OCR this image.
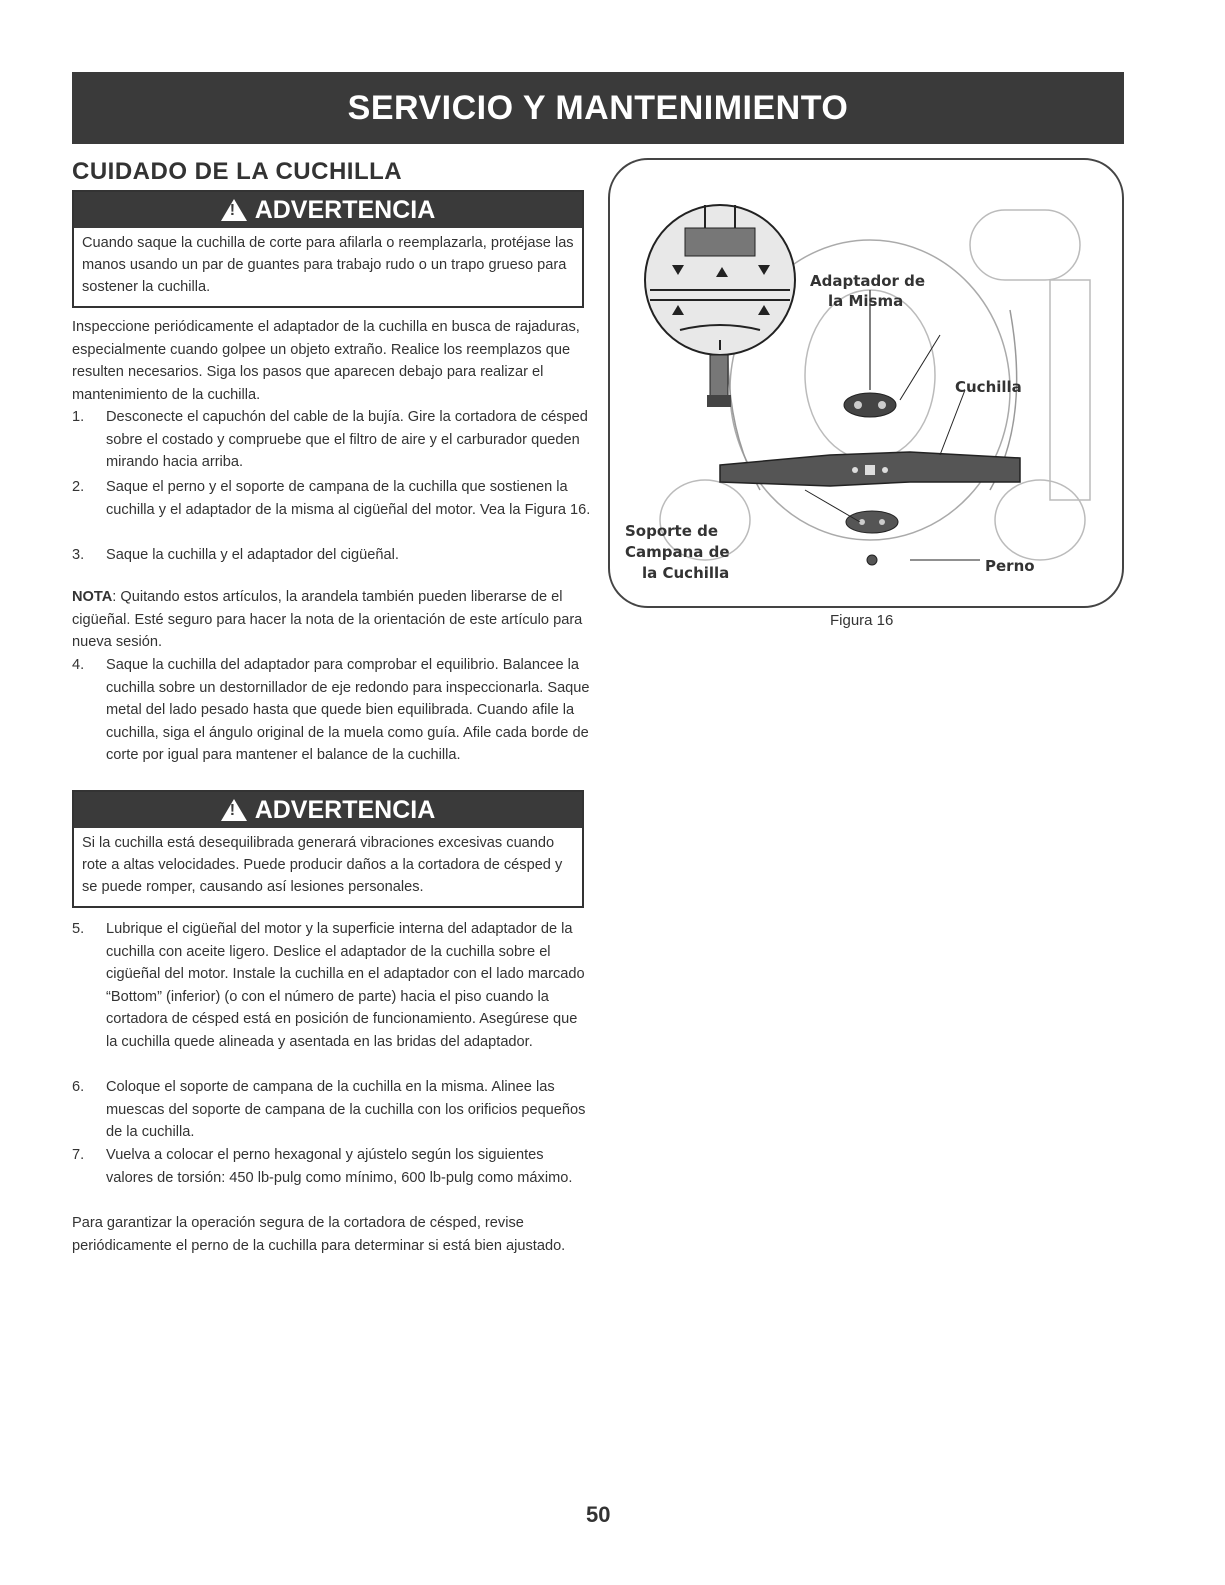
SERVICIO Y MANTENIMIENTO
CUIDADO DE LA CUCHILLA
! ADVERTENCIA
Cuando saque la cuchilla de corte para afilarla o reemplazarla, protéjase las manos usando un par de guantes para trabajo rudo o un trapo grueso para sostener la cuchilla.

Inspeccione periódicamente el adaptador de la cuchilla en busca de rajaduras, especialmente cuando golpee un objeto extraño. Realice los reemplazos que resulten necesarios. Siga los pasos que aparecen debajo para realizar el mantenimiento de la cuchilla.

1.	Desconecte el capuchón del cable de la bujía. Gire la cortadora de césped sobre el costado y compruebe que el filtro de aire y el carburador queden mirando hacia arriba.
2.	Saque el perno y el soporte de campana de la cuchilla que sostienen la cuchilla y el adaptador de la misma al cigüeñal del motor. Vea la Figura 16.
3.	Saque la cuchilla y el adaptador del cigüeñal.

NOTA: Quitando estos artículos, la arandela también pueden liberarse de el cigüeñal. Esté seguro para hacer la nota de la orientación de este artículo para nueva sesión.

4.	Saque la cuchilla del adaptador para comprobar el equilibrio. Balancee la cuchilla sobre un destornillador de eje redondo para inspeccionarla. Saque metal del lado pesado hasta que quede bien equilibrada. Cuando afile la cuchilla, siga el ángulo original de la muela como guía. Afile cada borde de corte por igual para mantener el balance de la cuchilla.
! ADVERTENCIA
Si la cuchilla está desequilibrada generará vibraciones excesivas cuando rote a altas velocidades. Puede producir daños a la cortadora de césped y se puede romper, causando así lesiones personales.
5.	Lubrique el cigüeñal del motor y la superficie interna del adaptador de la cuchilla con aceite ligero. Deslice el adaptador de la cuchilla sobre el cigüeñal del motor. Instale la cuchilla en el adaptador con el lado marcado “Bottom” (inferior) (o con el número de parte) hacia el piso cuando la cortadora de césped está en posición de funcionamiento. Asegúrese que la cuchilla quede alineada y asentada en las bridas del adaptador.
6.	Coloque el soporte de campana de la cuchilla en la misma. Alinee las muescas del soporte de campana de la cuchilla con los orificios pequeños de la cuchilla.
7.	Vuelva a colocar el perno hexagonal y ajústelo según los siguientes valores de torsión: 450 lb-pulg como mínimo, 600 lb-pulg como máximo.

Para garantizar la operación segura de la cortadora de césped, revise periódicamente el perno de la cuchilla para determinar si está bien ajustado.

Adaptador de
la Misma
Cuchilla
Soporte de
Campana de
la Cuchilla	Perno
Figura 16
50
